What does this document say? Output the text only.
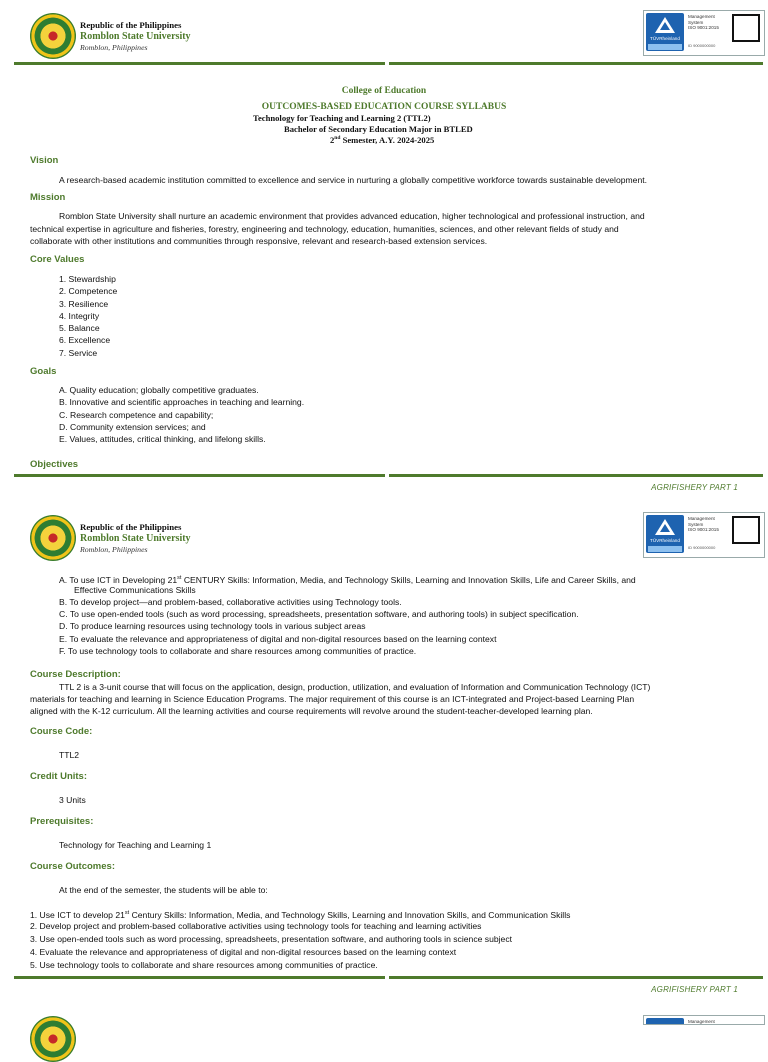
Republic of the Philippines
Romblon State University
Romblon, Philippines
TÜVRheinland
Management
System
ISO 9001:2015
ID 9000000000
College of Education
OUTCOMES-BASED EDUCATION COURSE SYLLABUS
Technology for Teaching and Learning 2 (TTL2)
Bachelor of Secondary Education Major in BTLED
2nd Semester, A.Y. 2024-2025
Vision
A research-based academic institution committed to excellence and service in nurturing a globally competitive workforce towards sustainable development.
Mission
Romblon State University shall nurture an academic environment that provides advanced education, higher technological and professional instruction, and
technical expertise in agriculture and fisheries, forestry, engineering and technology, education, humanities, sciences, and other relevant fields of study and
collaborate with other institutions and communities through responsive, relevant and research-based extension services.
Core Values
1. Stewardship
2. Competence
3. Resilience
4. Integrity
5. Balance
6. Excellence
7. Service
Goals
A. Quality education; globally competitive graduates.
B. Innovative and scientific approaches in teaching and learning.
C. Research competence and capability;
D. Community extension services; and
E. Values, attitudes, critical thinking, and lifelong skills.
Objectives
AGRIFISHERY PART 1
Republic of the Philippines
Romblon State University
Romblon, Philippines
TÜVRheinland
Management
System
ISO 9001:2015
ID 9000000000
A. To use ICT in Developing 21st CENTURY Skills: Information, Media, and Technology Skills, Learning and Innovation Skills, Life and Career Skills, and
Effective Communications Skills
B. To develop project—and problem-based, collaborative activities using Technology tools.
C. To use open-ended tools (such as word processing, spreadsheets, presentation software, and authoring tools) in subject specification.
D. To produce learning resources using technology tools in various subject areas
E. To evaluate the relevance and appropriateness of digital and non-digital resources based on the learning context
F. To use technology tools to collaborate and share resources among communities of practice.
Course Description:
TTL 2 is a 3-unit course that will focus on the application, design, production, utilization, and evaluation of Information and Communication Technology (ICT)
materials for teaching and learning in Science Education Programs. The major requirement of this course is an ICT-integrated and Project-based Learning Plan
aligned with the K-12 curriculum. All the learning activities and course requirements will revolve around the student-teacher-developed learning plan.
Course Code:
TTL2
Credit Units:
3 Units
Prerequisites:
Technology for Teaching and Learning 1
Course Outcomes:
At the end of the semester, the students will be able to:
1. Use ICT to develop 21st Century Skills: Information, Media, and Technology Skills, Learning and Innovation Skills, and Communication Skills
2. Develop project and problem-based collaborative activities using technology tools for teaching and learning activities
3. Use open-ended tools such as word processing, spreadsheets, presentation software, and authoring tools in science subject
4. Evaluate the relevance and appropriateness of digital and non-digital resources based on the learning context
5. Use technology tools to collaborate and share resources among communities of practice.
AGRIFISHERY PART 1
Management
